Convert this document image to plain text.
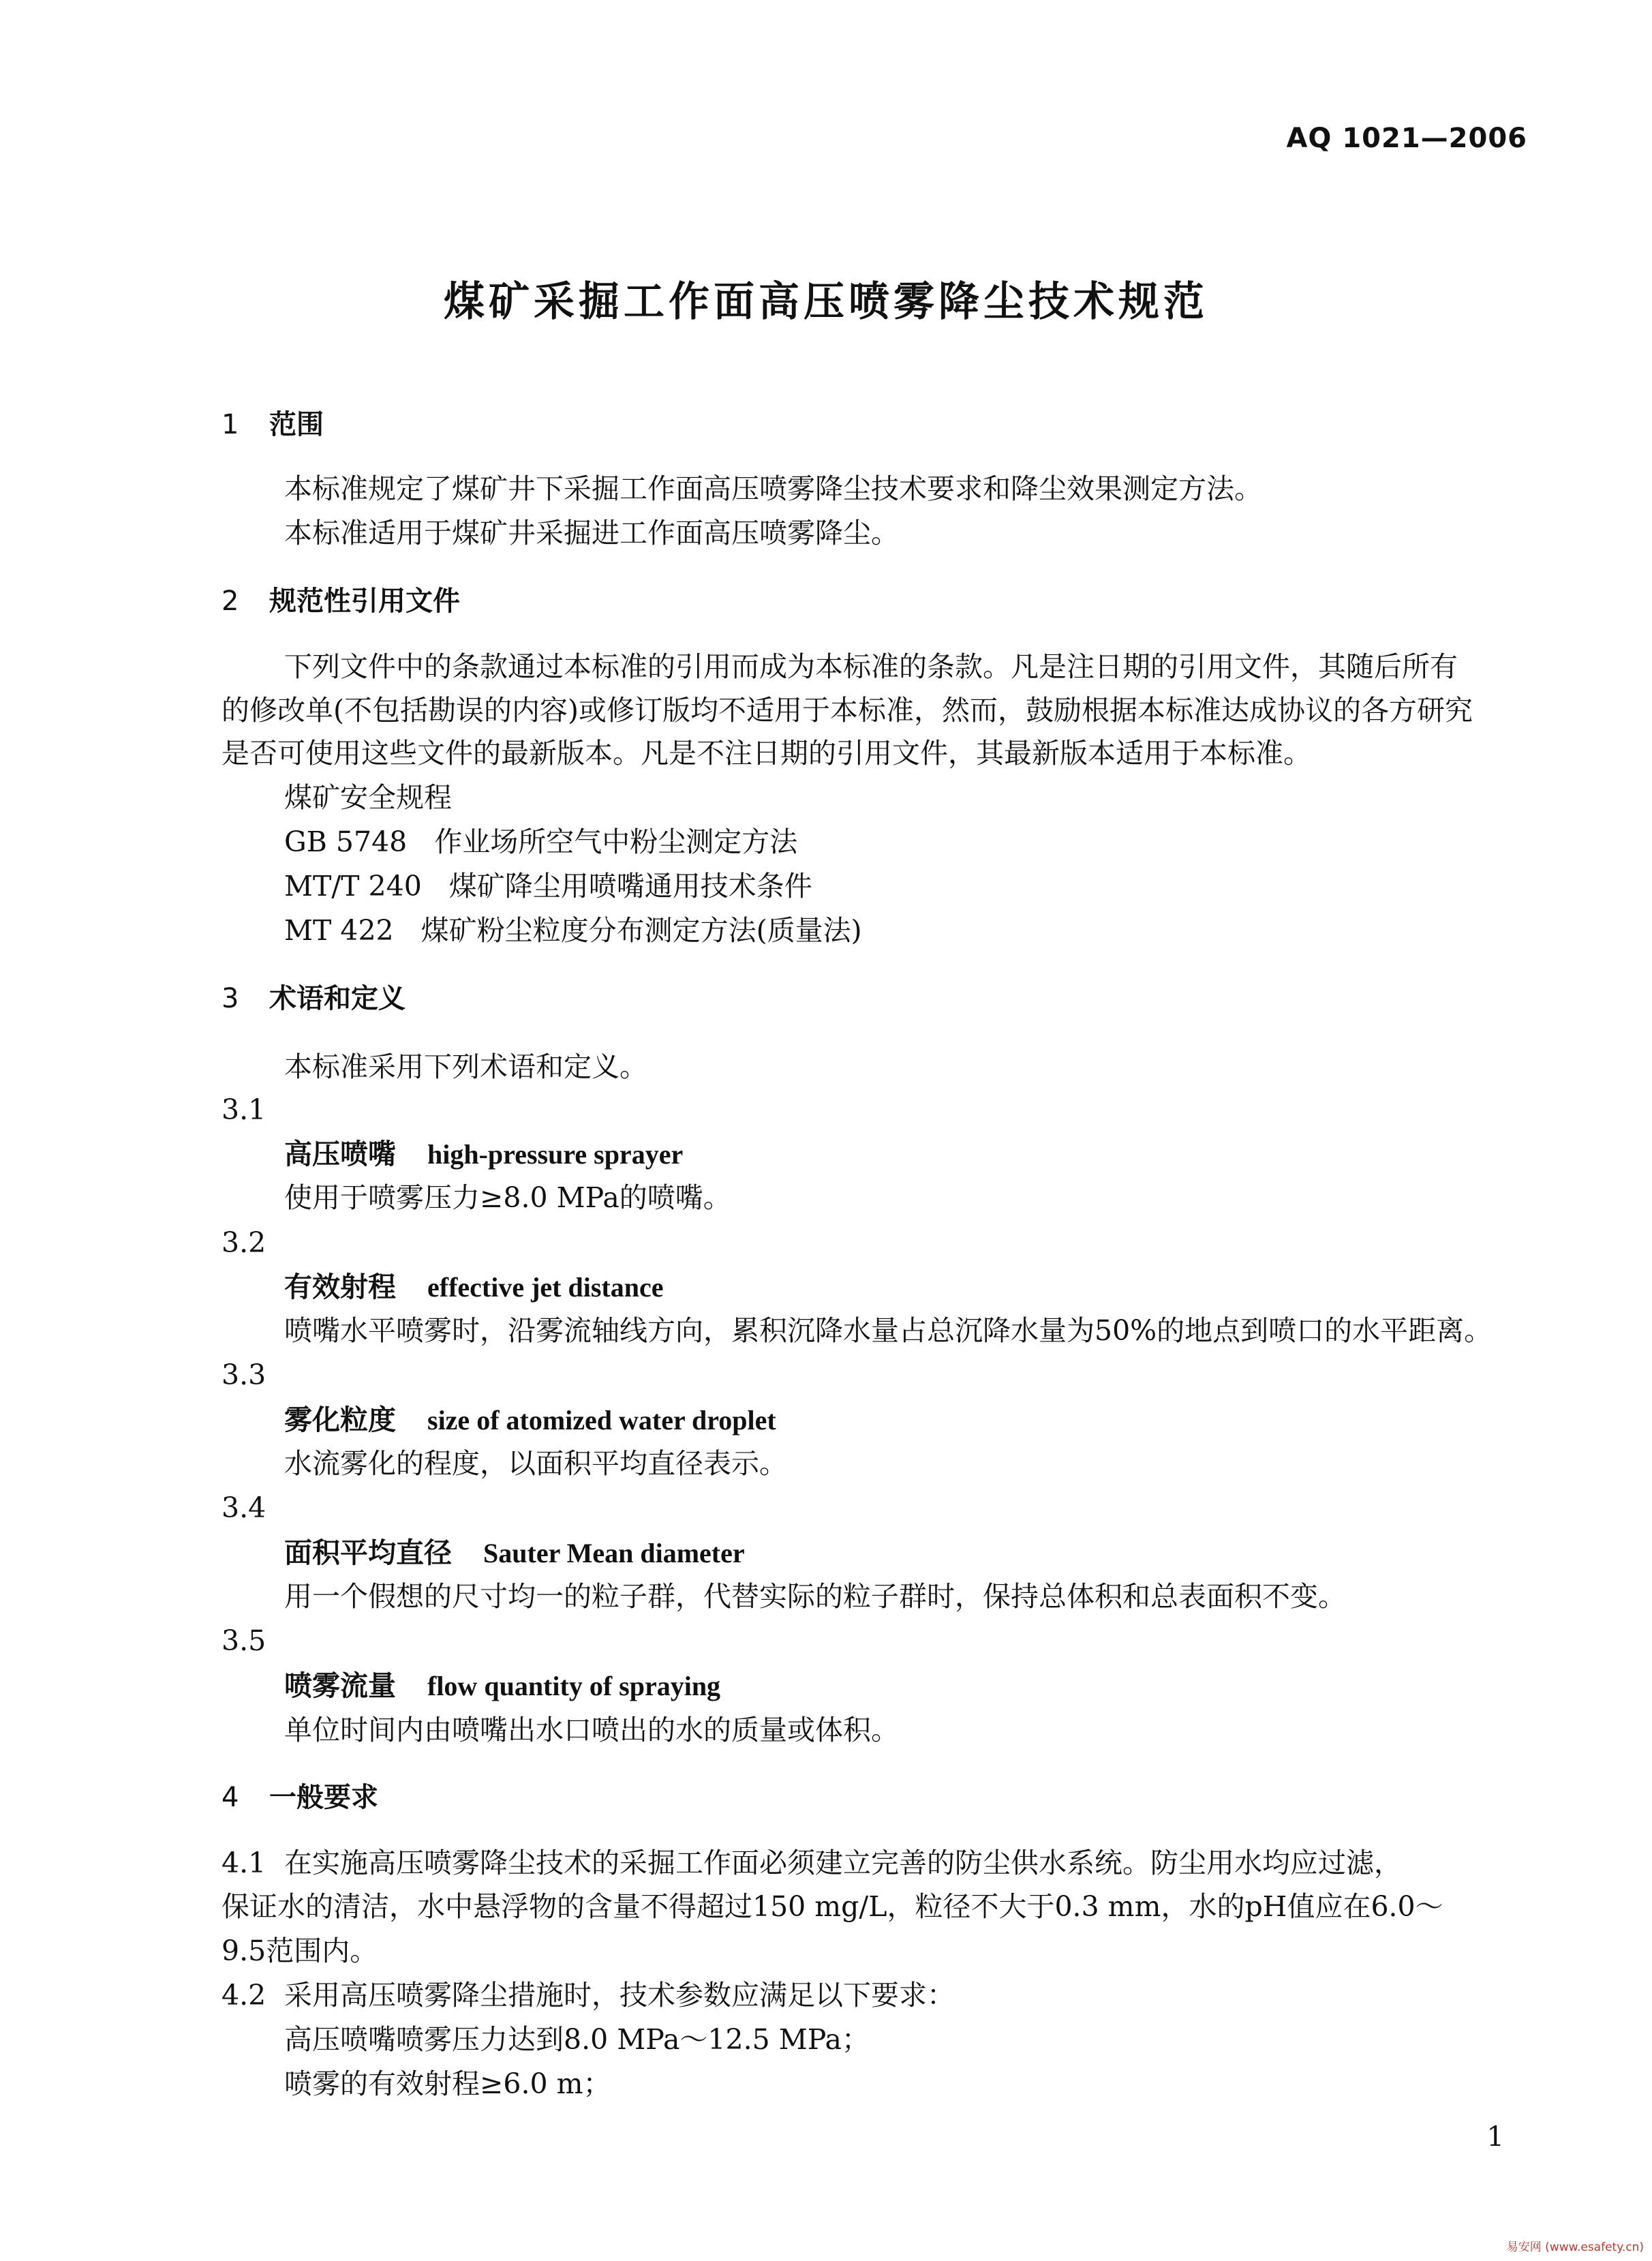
AQ 1021—2006
煤矿采掘工作面高压喷雾降尘技术规范
1 范围
本标准规定了煤矿井下采掘工作面高压喷雾降尘技术要求和降尘效果测定方法。
本标准适用于煤矿井采掘进工作面高压喷雾降尘。
2 规范性引用文件
下列文件中的条款通过本标准的引用而成为本标准的条款。凡是注日期的引用文件，其随后所有
的修改单(不包括勘误的内容)或修订版均不适用于本标准，然而，鼓励根据本标准达成协议的各方研究
是否可使用这些文件的最新版本。凡是不注日期的引用文件，其最新版本适用于本标准。
煤矿安全规程
GB 5748 作业场所空气中粉尘测定方法
MT/T 240 煤矿降尘用喷嘴通用技术条件
MT 422 煤矿粉尘粒度分布测定方法(质量法)
3 术语和定义
本标准采用下列术语和定义。
3.1
高压喷嘴 high-pressure sprayer
使用于喷雾压力≥8.0 MPa的喷嘴。
3.2
有效射程 effective jet distance
喷嘴水平喷雾时，沿雾流轴线方向，累积沉降水量占总沉降水量为50%的地点到喷口的水平距离。
3.3
雾化粒度 size of atomized water droplet
水流雾化的程度，以面积平均直径表示。
3.4
面积平均直径 Sauter Mean diameter
用一个假想的尺寸均一的粒子群，代替实际的粒子群时，保持总体积和总表面积不变。
3.5
喷雾流量 flow quantity of spraying
单位时间内由喷嘴出水口喷出的水的质量或体积。
4 一般要求
4.1 在实施高压喷雾降尘技术的采掘工作面必须建立完善的防尘供水系统。防尘用水均应过滤，
保证水的清洁，水中悬浮物的含量不得超过150 mg/L，粒径不大于0.3 mm，水的pH值应在6.0～
9.5范围内。
4.2 采用高压喷雾降尘措施时，技术参数应满足以下要求：
高压喷嘴喷雾压力达到8.0 MPa～12.5 MPa；
喷雾的有效射程≥6.0 m；
1
易安网 (www.esafety.cn)
